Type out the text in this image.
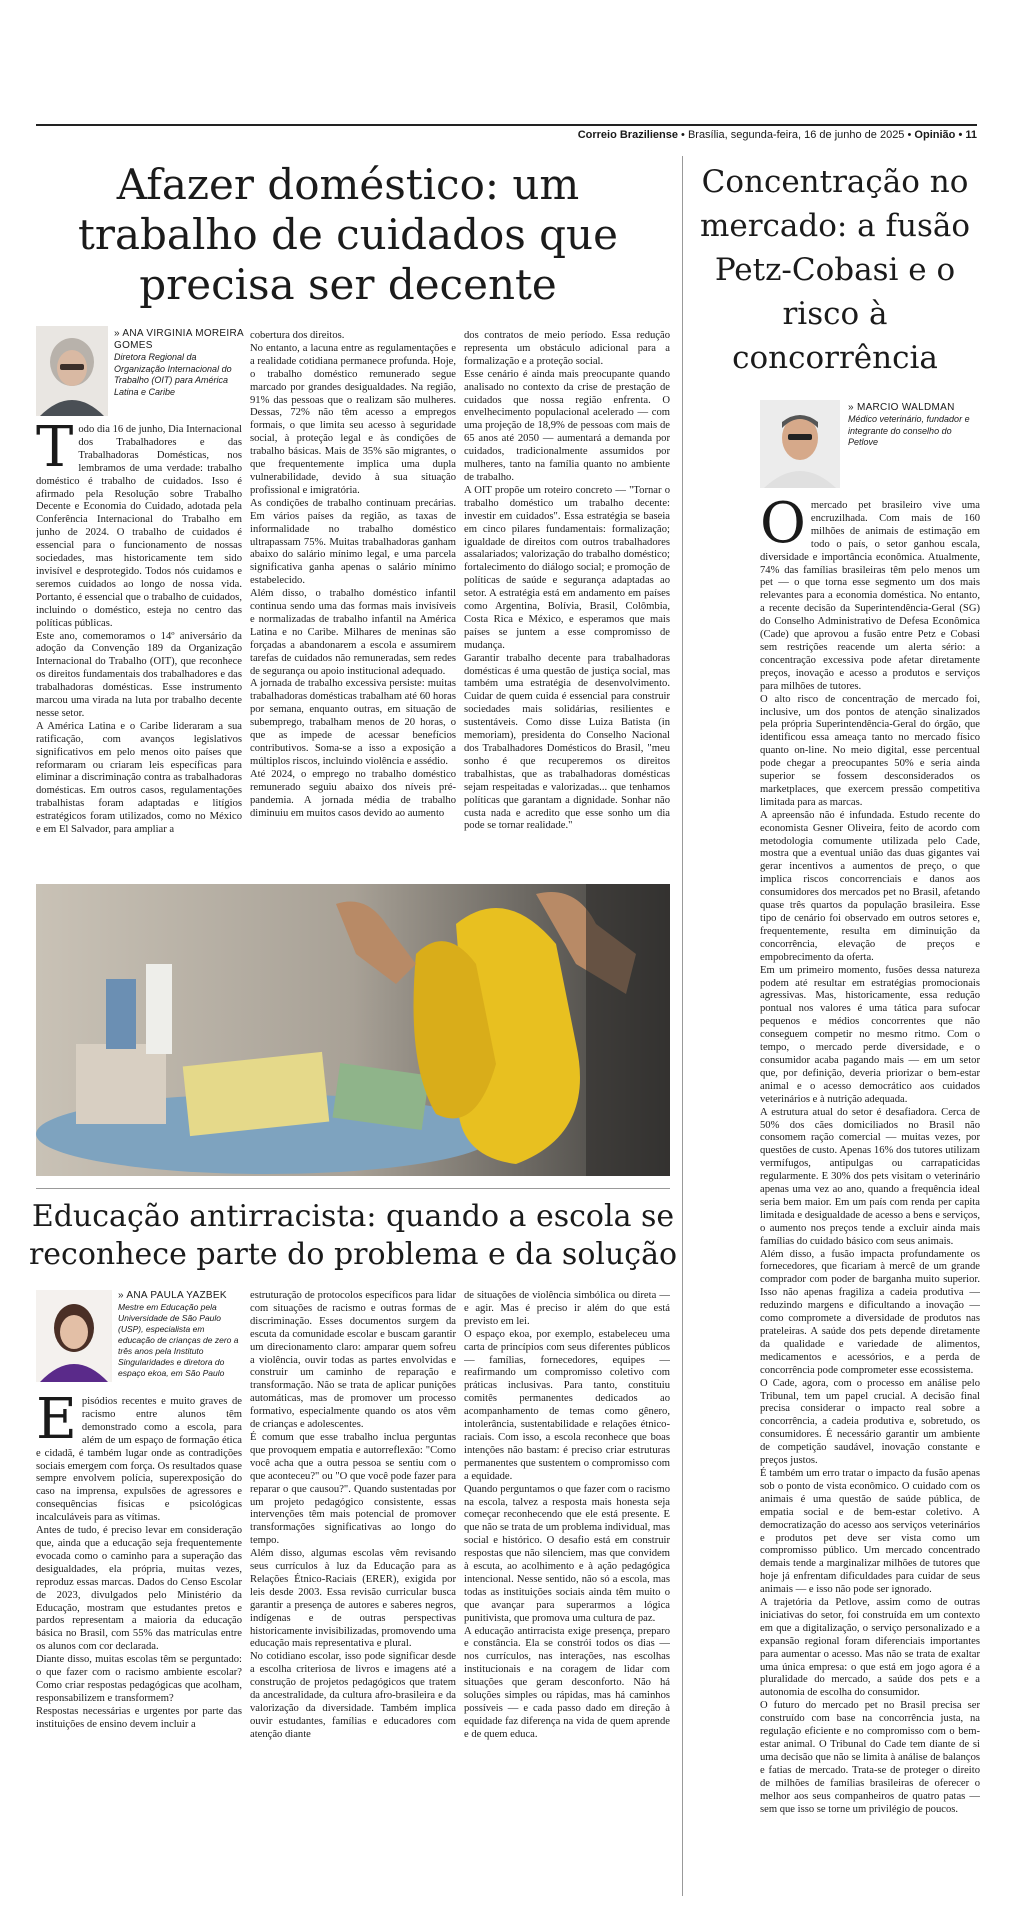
Correio Braziliense • Brasília, segunda-feira, 16 de junho de 2025 • Opinião • 11
Afazer doméstico: um trabalho de cuidados que precisa ser decente
» ANA VIRGINIA MOREIRA GOMES
Diretora Regional da Organização Internacional do Trabalho (OIT) para América Latina e Caribe
Todo dia 16 de junho, Dia Internacional dos Trabalhadores e das Trabalhadoras Domésticas, nos lembramos de uma verdade: trabalho doméstico é trabalho de cuidados. Isso é afirmado pela Resolução sobre Trabalho Decente e Economia do Cuidado, adotada pela Conferência Internacional do Trabalho em junho de 2024. O trabalho de cuidados é essencial para o funcionamento de nossas sociedades, mas historicamente tem sido invisível e desprotegido. Todos nós cuidamos e seremos cuidados ao longo de nossa vida. Portanto, é essencial que o trabalho de cuidados, incluindo o doméstico, esteja no centro das políticas públicas.
Este ano, comemoramos o 14º aniversário da adoção da Convenção 189 da Organização Internacional do Trabalho (OIT), que reconhece os direitos fundamentais dos trabalhadores e das trabalhadoras domésticas. Esse instrumento marcou uma virada na luta por trabalho decente nesse setor.
A América Latina e o Caribe lideraram a sua ratificação, com avanços legislativos significativos em pelo menos oito países que reformaram ou criaram leis específicas para eliminar a discriminação contra as trabalhadoras domésticas. Em outros casos, regulamentações trabalhistas foram adaptadas e litígios estratégicos foram utilizados, como no México e em El Salvador, para ampliar a
cobertura dos direitos.
No entanto, a lacuna entre as regulamentações e a realidade cotidiana permanece profunda. Hoje, o trabalho doméstico remunerado segue marcado por grandes desigualdades. Na região, 91% das pessoas que o realizam são mulheres. Dessas, 72% não têm acesso a empregos formais, o que limita seu acesso à seguridade social, à proteção legal e às condições de trabalho básicas. Mais de 35% são migrantes, o que frequentemente implica uma dupla vulnerabilidade, devido à sua situação profissional e imigratória.
As condições de trabalho continuam precárias. Em vários países da região, as taxas de informalidade no trabalho doméstico ultrapassam 75%. Muitas trabalhadoras ganham abaixo do salário mínimo legal, e uma parcela significativa ganha apenas o salário mínimo estabelecido.
Além disso, o trabalho doméstico infantil continua sendo uma das formas mais invisíveis e normalizadas de trabalho infantil na América Latina e no Caribe. Milhares de meninas são forçadas a abandonarem a escola e assumirem tarefas de cuidados não remuneradas, sem redes de segurança ou apoio institucional adequado.
A jornada de trabalho excessiva persiste: muitas trabalhadoras domésticas trabalham até 60 horas por semana, enquanto outras, em situação de subemprego, trabalham menos de 20 horas, o que as impede de acessar benefícios contributivos. Soma-se a isso a exposição a múltiplos riscos, incluindo violência e assédio.
Até 2024, o emprego no trabalho doméstico remunerado seguiu abaixo dos níveis pré-pandemia. A jornada média de trabalho diminuiu em muitos casos devido ao aumento
dos contratos de meio período. Essa redução representa um obstáculo adicional para a formalização e a proteção social.
Esse cenário é ainda mais preocupante quando analisado no contexto da crise de prestação de cuidados que nossa região enfrenta. O envelhecimento populacional acelerado — com uma projeção de 18,9% de pessoas com mais de 65 anos até 2050 — aumentará a demanda por cuidados, tradicionalmente assumidos por mulheres, tanto na família quanto no ambiente de trabalho.
A OIT propõe um roteiro concreto — "Tornar o trabalho doméstico um trabalho decente: investir em cuidados". Essa estratégia se baseia em cinco pilares fundamentais: formalização; igualdade de direitos com outros trabalhadores assalariados; valorização do trabalho doméstico; fortalecimento do diálogo social; e promoção de políticas de saúde e segurança adaptadas ao setor. A estratégia está em andamento em países como Argentina, Bolívia, Brasil, Colômbia, Costa Rica e México, e esperamos que mais países se juntem a esse compromisso de mudança.
Garantir trabalho decente para trabalhadoras domésticas é uma questão de justiça social, mas também uma estratégia de desenvolvimento. Cuidar de quem cuida é essencial para construir sociedades mais solidárias, resilientes e sustentáveis. Como disse Luiza Batista (in memoriam), presidenta do Conselho Nacional dos Trabalhadores Domésticos do Brasil, "meu sonho é que recuperemos os direitos trabalhistas, que as trabalhadoras domésticas sejam respeitadas e valorizadas... que tenhamos políticas que garantam a dignidade. Sonhar não custa nada e acredito que esse sonho um dia pode se tornar realidade."
Educação antirracista: quando a escola se reconhece parte do problema e da solução
» ANA PAULA YAZBEK
Mestre em Educação pela Universidade de São Paulo (USP), especialista em educação de crianças de zero a três anos pela Instituto Singularidades e diretora do espaço ekoa, em São Paulo
Episódios recentes e muito graves de racismo entre alunos têm demonstrado como a escola, para além de um espaço de formação ética e cidadã, é também lugar onde as contradições sociais emergem com força. Os resultados quase sempre envolvem polícia, superexposição do caso na imprensa, expulsões de agressores e consequências físicas e psicológicas incalculáveis para as vítimas.
Antes de tudo, é preciso levar em consideração que, ainda que a educação seja frequentemente evocada como o caminho para a superação das desigualdades, ela própria, muitas vezes, reproduz essas marcas. Dados do Censo Escolar de 2023, divulgados pelo Ministério da Educação, mostram que estudantes pretos e pardos representam a maioria da educação básica no Brasil, com 55% das matrículas entre os alunos com cor declarada.
Diante disso, muitas escolas têm se perguntado: o que fazer com o racismo ambiente escolar? Como criar respostas pedagógicas que acolham, responsabilizem e transformem?
Respostas necessárias e urgentes por parte das instituições de ensino devem incluir a
estruturação de protocolos específicos para lidar com situações de racismo e outras formas de discriminação. Esses documentos surgem da escuta da comunidade escolar e buscam garantir um direcionamento claro: amparar quem sofreu a violência, ouvir todas as partes envolvidas e construir um caminho de reparação e transformação. Não se trata de aplicar punições automáticas, mas de promover um processo formativo, especialmente quando os atos vêm de crianças e adolescentes.
É comum que esse trabalho inclua perguntas que provoquem empatia e autorreflexão: "Como você acha que a outra pessoa se sentiu com o que aconteceu?" ou "O que você pode fazer para reparar o que causou?". Quando sustentadas por um projeto pedagógico consistente, essas intervenções têm mais potencial de promover transformações significativas ao longo do tempo.
Além disso, algumas escolas vêm revisando seus currículos à luz da Educação para as Relações Étnico-Raciais (ERER), exigida por leis desde 2003. Essa revisão curricular busca garantir a presença de autores e saberes negros, indígenas e de outras perspectivas historicamente invisibilizadas, promovendo uma educação mais representativa e plural.
No cotidiano escolar, isso pode significar desde a escolha criteriosa de livros e imagens até a construção de projetos pedagógicos que tratem da ancestralidade, da cultura afro-brasileira e da valorização da diversidade. Também implica ouvir estudantes, famílias e educadores com atenção diante
de situações de violência simbólica ou direta — e agir. Mas é preciso ir além do que está previsto em lei.
O espaço ekoa, por exemplo, estabeleceu uma carta de princípios com seus diferentes públicos — famílias, fornecedores, equipes — reafirmando um compromisso coletivo com práticas inclusivas. Para tanto, constituiu comitês permanentes dedicados ao acompanhamento de temas como gênero, intolerância, sustentabilidade e relações étnico-raciais. Com isso, a escola reconhece que boas intenções não bastam: é preciso criar estruturas permanentes que sustentem o compromisso com a equidade.
Quando perguntamos o que fazer com o racismo na escola, talvez a resposta mais honesta seja começar reconhecendo que ele está presente. E que não se trata de um problema individual, mas social e histórico. O desafio está em construir respostas que não silenciem, mas que convidem à escuta, ao acolhimento e à ação pedagógica intencional. Nesse sentido, não só a escola, mas todas as instituições sociais ainda têm muito o que avançar para superarmos a lógica punitivista, que promova uma cultura de paz.
A educação antirracista exige presença, preparo e constância. Ela se constrói todos os dias — nos currículos, nas interações, nas escolhas institucionais e na coragem de lidar com situações que geram desconforto. Não há soluções simples ou rápidas, mas há caminhos possíveis — e cada passo dado em direção à equidade faz diferença na vida de quem aprende e de quem educa.
Concentração no mercado: a fusão Petz-Cobasi e o risco à concorrência
» MARCIO WALDMAN
Médico veterinário, fundador e integrante do conselho do Petlove
O mercado pet brasileiro vive uma encruzilhada. Com mais de 160 milhões de animais de estimação em todo o país, o setor ganhou escala, diversidade e importância econômica. Atualmente, 74% das famílias brasileiras têm pelo menos um pet — o que torna esse segmento um dos mais relevantes para a economia doméstica. No entanto, a recente decisão da Superintendência-Geral (SG) do Conselho Administrativo de Defesa Econômica (Cade) que aprovou a fusão entre Petz e Cobasi sem restrições reacende um alerta sério: a concentração excessiva pode afetar diretamente preços, inovação e acesso a produtos e serviços para milhões de tutores.
O alto risco de concentração de mercado foi, inclusive, um dos pontos de atenção sinalizados pela própria Superintendência-Geral do órgão, que identificou essa ameaça tanto no mercado físico quanto on-line. No meio digital, esse percentual pode chegar a preocupantes 50% e seria ainda superior se fossem desconsiderados os marketplaces, que exercem pressão competitiva limitada para as marcas.
A apreensão não é infundada. Estudo recente do economista Gesner Oliveira, feito de acordo com metodologia comumente utilizada pelo Cade, mostra que a eventual união das duas gigantes vai gerar incentivos a aumentos de preço, o que implica riscos concorrenciais e danos aos consumidores dos mercados pet no Brasil, afetando quase três quartos da população brasileira. Esse tipo de cenário foi observado em outros setores e, frequentemente, resulta em diminuição da concorrência, elevação de preços e empobrecimento da oferta.
Em um primeiro momento, fusões dessa natureza podem até resultar em estratégias promocionais agressivas. Mas, historicamente, essa redução pontual nos valores é uma tática para sufocar pequenos e médios concorrentes que não conseguem competir no mesmo ritmo. Com o tempo, o mercado perde diversidade, e o consumidor acaba pagando mais — em um setor que, por definição, deveria priorizar o bem-estar animal e o acesso democrático aos cuidados veterinários e à nutrição adequada.
A estrutura atual do setor é desafiadora. Cerca de 50% dos cães domiciliados no Brasil não consomem ração comercial — muitas vezes, por questões de custo. Apenas 16% dos tutores utilizam vermífugos, antipulgas ou carrapaticidas regularmente. E 30% dos pets visitam o veterinário apenas uma vez ao ano, quando a frequência ideal seria bem maior. Em um país com renda per capita limitada e desigualdade de acesso a bens e serviços, o aumento nos preços tende a excluir ainda mais famílias do cuidado básico com seus animais.
Além disso, a fusão impacta profundamente os fornecedores, que ficariam à mercê de um grande comprador com poder de barganha muito superior. Isso não apenas fragiliza a cadeia produtiva — reduzindo margens e dificultando a inovação — como compromete a diversidade de produtos nas prateleiras. A saúde dos pets depende diretamente da qualidade e variedade de alimentos, medicamentos e acessórios, e a perda de concorrência pode comprometer esse ecossistema.
O Cade, agora, com o processo em análise pelo Tribunal, tem um papel crucial. A decisão final precisa considerar o impacto real sobre a concorrência, a cadeia produtiva e, sobretudo, os consumidores. É necessário garantir um ambiente de competição saudável, inovação constante e preços justos.
É também um erro tratar o impacto da fusão apenas sob o ponto de vista econômico. O cuidado com os animais é uma questão de saúde pública, de empatia social e de bem-estar coletivo. A democratização do acesso aos serviços veterinários e produtos pet deve ser vista como um compromisso público. Um mercado concentrado demais tende a marginalizar milhões de tutores que hoje já enfrentam dificuldades para cuidar de seus animais — e isso não pode ser ignorado.
A trajetória da Petlove, assim como de outras iniciativas do setor, foi construída em um contexto em que a digitalização, o serviço personalizado e a expansão regional foram diferenciais importantes para aumentar o acesso. Mas não se trata de exaltar uma única empresa: o que está em jogo agora é a pluralidade do mercado, a saúde dos pets e a autonomia de escolha do consumidor.
O futuro do mercado pet no Brasil precisa ser construído com base na concorrência justa, na regulação eficiente e no compromisso com o bem-estar animal. O Tribunal do Cade tem diante de si uma decisão que não se limita à análise de balanços e fatias de mercado. Trata-se de proteger o direito de milhões de famílias brasileiras de oferecer o melhor aos seus companheiros de quatro patas — sem que isso se torne um privilégio de poucos.
